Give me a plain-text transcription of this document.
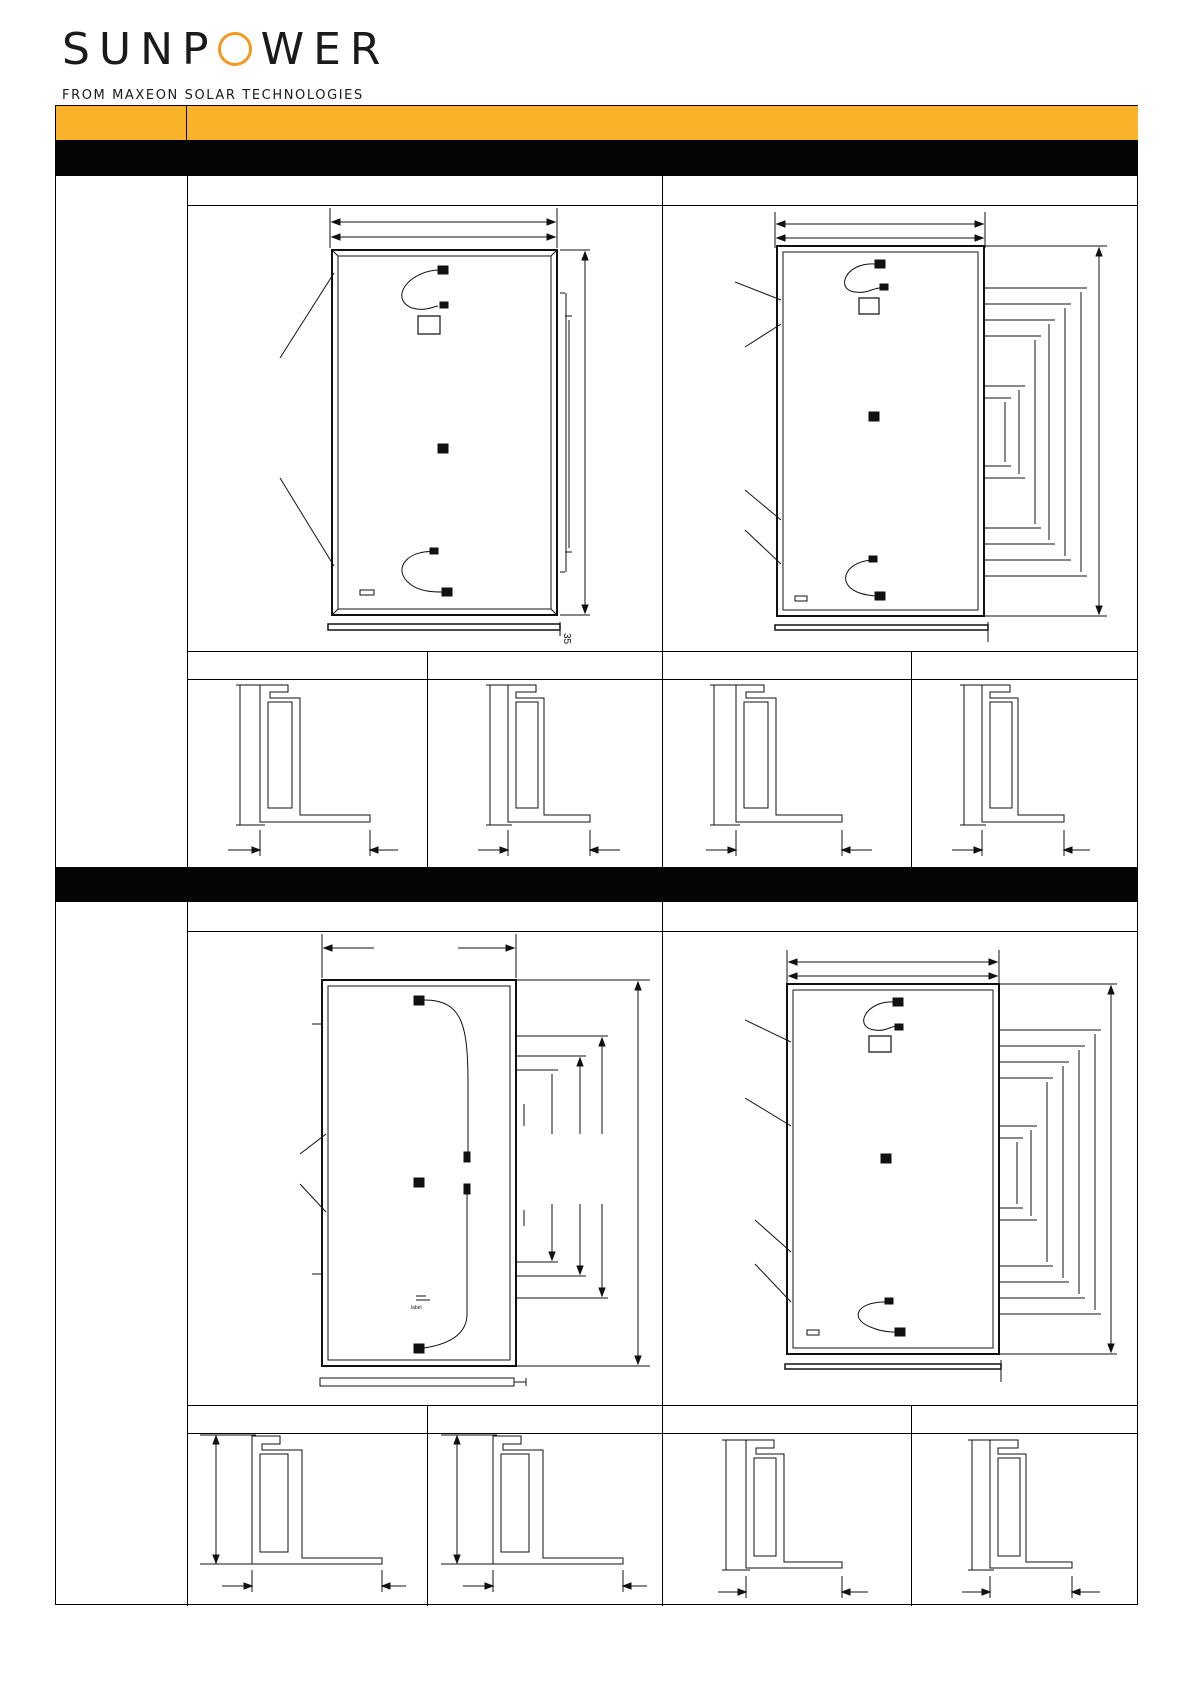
SUNP WER
FROM MAXEON SOLAR TECHNOLOGIES
35
label
